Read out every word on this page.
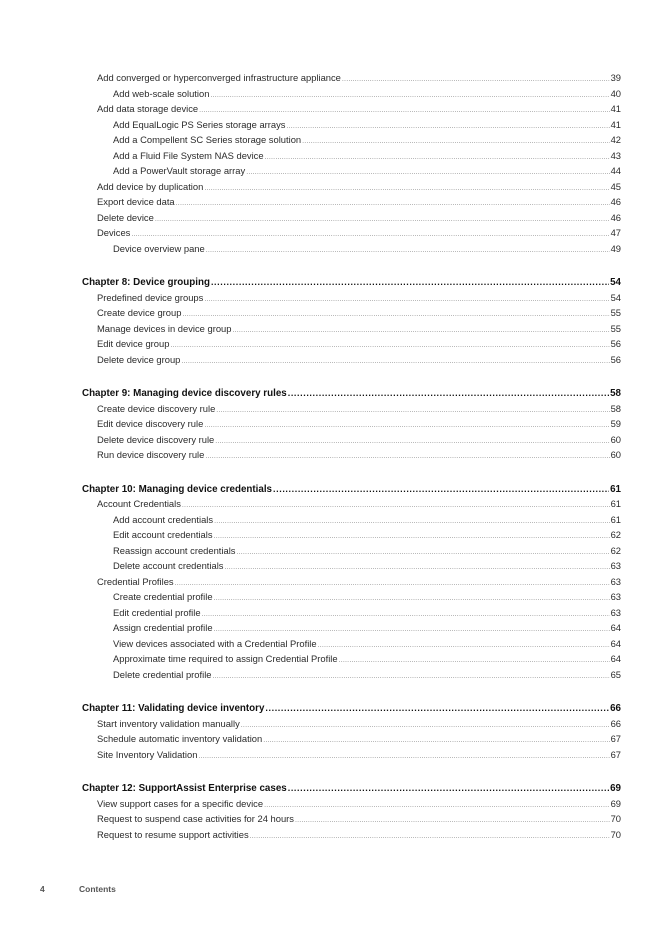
Add converged or hyperconverged infrastructure appliance .....	39
Add web-scale solution .....	40
Add data storage device .....	41
Add EqualLogic PS Series storage arrays .....	41
Add a Compellent SC Series storage solution .....	42
Add a Fluid File System NAS device .....	43
Add a PowerVault storage array .....	44
Add device by duplication .....	45
Export device data .....	46
Delete device .....	46
Devices .....	47
Device overview pane .....	49
Chapter 8: Device grouping .....	54
Predefined device groups .....	54
Create device group .....	55
Manage devices in device group .....	55
Edit device group .....	56
Delete device group .....	56
Chapter 9: Managing device discovery rules .....	58
Create device discovery rule .....	58
Edit device discovery rule .....	59
Delete device discovery rule .....	60
Run device discovery rule .....	60
Chapter 10: Managing device credentials .....	61
Account Credentials .....	61
Add account credentials .....	61
Edit account credentials .....	62
Reassign account credentials .....	62
Delete account credentials .....	63
Credential Profiles .....	63
Create credential profile .....	63
Edit credential profile .....	63
Assign credential profile .....	64
View devices associated with a Credential Profile .....	64
Approximate time required to assign Credential Profile .....	64
Delete credential profile .....	65
Chapter 11: Validating device inventory .....	66
Start inventory validation manually .....	66
Schedule automatic inventory validation .....	67
Site Inventory Validation .....	67
Chapter 12: SupportAssist Enterprise cases .....	69
View support cases for a specific device .....	69
Request to suspend case activities for 24 hours .....	70
Request to resume support activities .....	70
4	Contents
